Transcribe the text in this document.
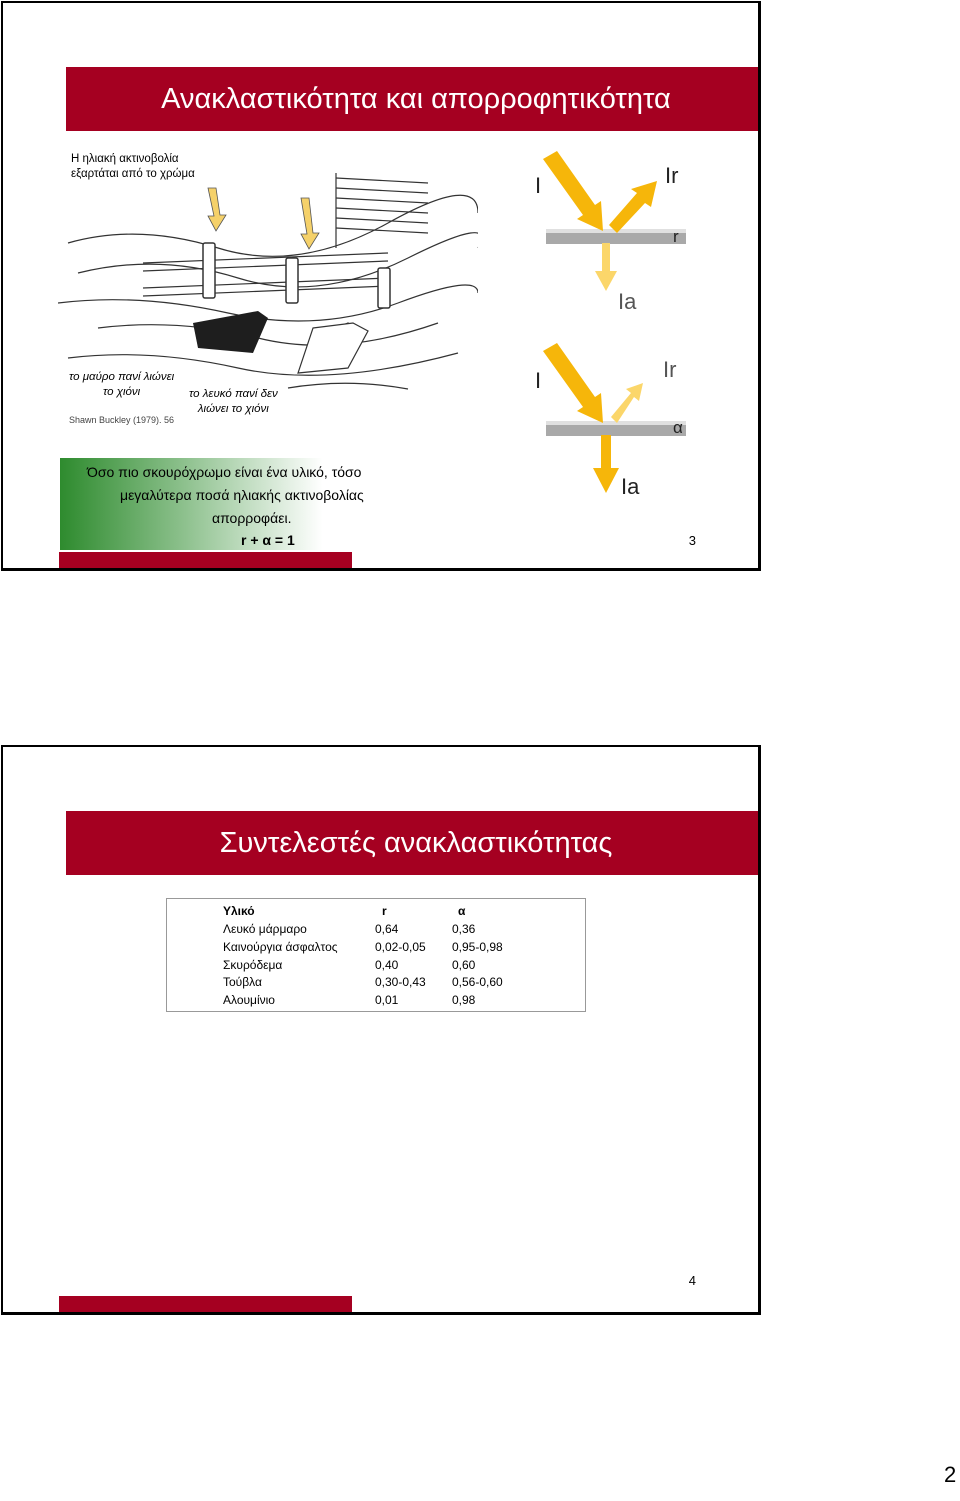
Ανακλαστικότητα και απορροφητικότητα
Η ηλιακή ακτινοβολία
εξαρτάται από το χρώμα
το μαύρο πανί λιώνει
το χιόνι	το λευκό πανί δεν
λιώνει το χιόνι
Shawn Buckley (1979). 56
Όσο πιο σκουρόχρωμο είναι ένα υλικό, τόσο
μεγαλύτερα ποσά ηλιακής ακτινοβολίας
απορροφάει.
r + α = 1
I	Ir
r
Ia
I	Ir
α
Ia
3
Συντελεστές ανακλαστικότητας
Υλικό	r	α
Λευκό μάρμαρο	0,64	0,36
Καινούργια άσφαλτος	0,02-0,05 0,95-0,98
Σκυρόδεμα	0,40	0,60
Τούβλα	0,30-0,43 0,56-0,60
Αλουμίνιο	0,01	0,98
4
2
